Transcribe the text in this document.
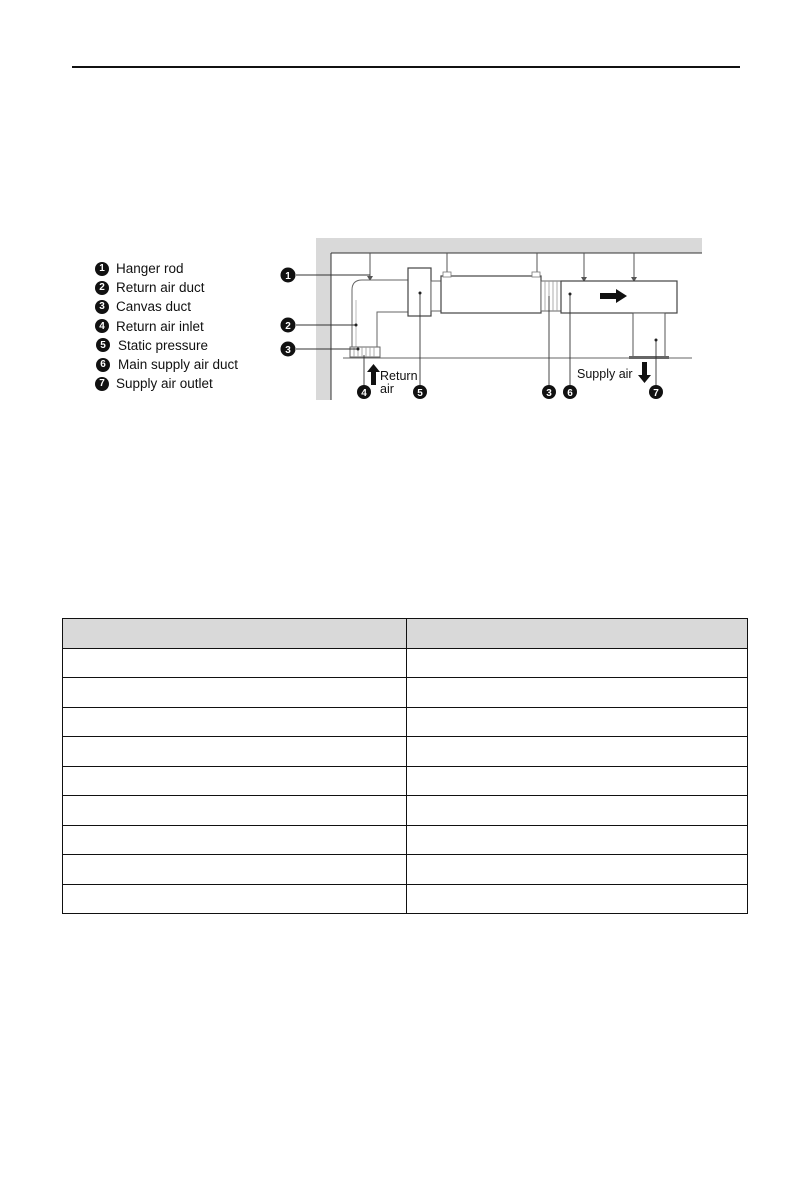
1
2
3
4	5	3 6	7
Return
air
Supply air
1 Hanger rod
2 Return air duct
3 Canvas duct
4 Return air inlet
5 Static pressure
6 Main supply air duct
7 Supply air outlet
